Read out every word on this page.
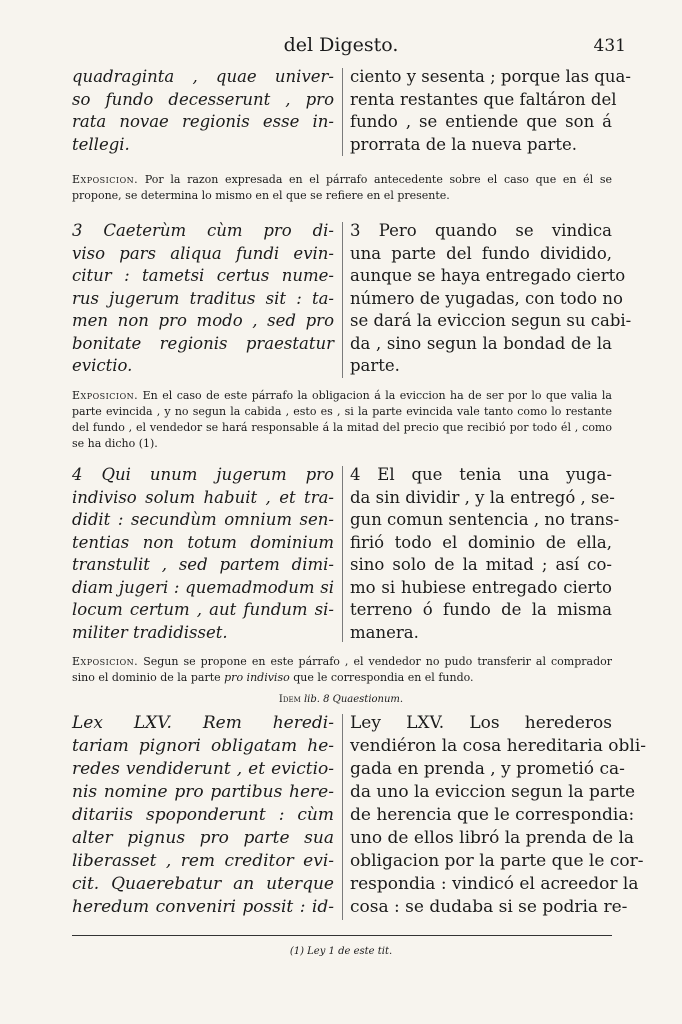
del Digesto.	431
quadraginta , quae univer-
so fundo decesserunt , pro
rata novae regionis esse in-
tellegi.
ciento y sesenta ; porque las qua-
renta restantes que faltáron del
fundo , se entiende que son á
prorrata de la nueva parte.
Exposicion. Por la razon expresada en el párrafo antecedente sobre el caso que en él se propone, se determina lo mismo en el que se refiere en el presente.
3 Caeterùm cùm pro di-
viso pars aliqua fundi evin-
citur : tametsi certus nume-
rus jugerum traditus sit : ta-
men non pro modo , sed pro
bonitate regionis praestatur
evictio.
3 Pero quando se vindica
una parte del fundo dividido,
aunque se haya entregado cierto
número de yugadas, con todo no
se dará la eviccion segun su cabi-
da , sino segun la bondad de la
parte.
Exposicion. En el caso de este párrafo la obligacion á la eviccion ha de ser por lo que valia la parte evincida , y no segun la cabida , esto es , si la parte evincida vale tanto como lo restante del fundo , el vendedor se hará responsable á la mitad del precio que recibió por todo él , como se ha dicho (1).
4 Qui unum jugerum pro
indiviso solum habuit , et tra-
didit : secundùm omnium sen-
tentias non totum dominium
transtulit , sed partem dimi-
diam jugeri : quemadmodum si
locum certum , aut fundum si-
militer tradidisset.
4 El que tenia una yuga-
da sin dividir , y la entregó , se-
gun comun sentencia , no trans-
firió todo el dominio de ella,
sino solo de la mitad ; así co-
mo si hubiese entregado cierto
terreno ó fundo de la misma
manera.
Exposicion. Segun se propone en este párrafo , el vendedor no pudo transferir al comprador sino el dominio de la parte pro indiviso que le correspondia en el fundo.
Idem lib. 8 Quaestionum.
Lex LXV. Rem heredi-
tariam pignori obligatam he-
redes vendiderunt , et evictio-
nis nomine pro partibus here-
ditariis spoponderunt : cùm
alter pignus pro parte sua
liberasset , rem creditor evi-
cit. Quaerebatur an uterque
heredum conveniri possit : id-
Ley LXV. Los herederos
vendiéron la cosa hereditaria obli-
gada en prenda , y prometió ca-
da uno la eviccion segun la parte
de herencia que le correspondia:
uno de ellos libró la prenda de la
obligacion por la parte que le cor-
respondia : vindicó el acreedor la
cosa : se dudaba si se podria re-
(1) Ley 1 de este tit.
